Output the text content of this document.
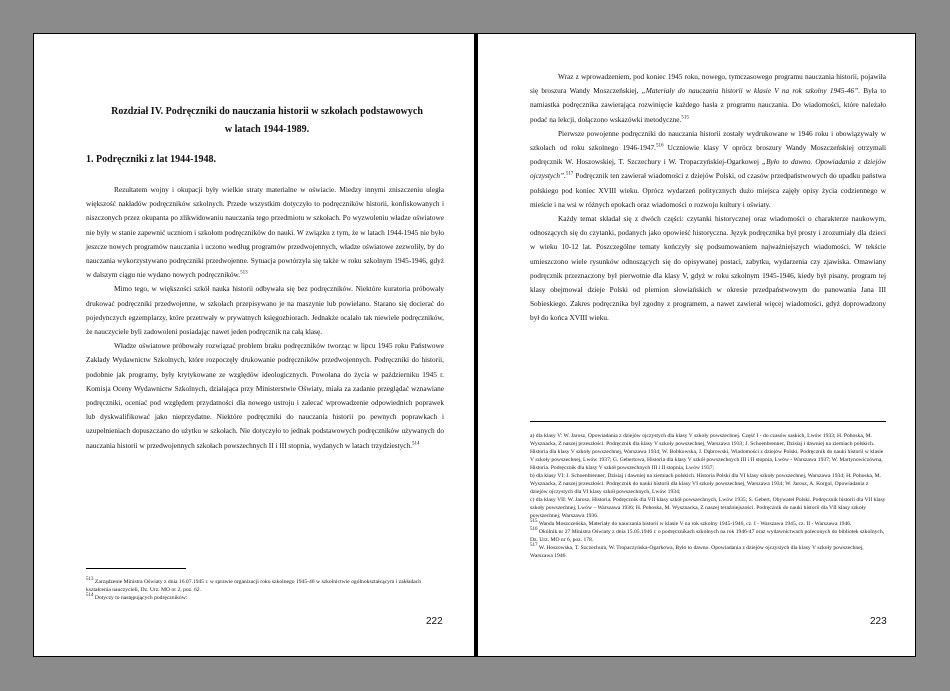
Rozdział IV. Podręczniki do nauczania historii w szkołach podstawowych
w latach 1944-1989.
1. Podręczniki z lat 1944-1948.

Rezultatem wojny i okupacji były wielkie straty materialne w oświacie. Miedzy innymi zniszczeniu uległa większość nakładów podręczników szkolnych. Przede wszystkim dotyczyło to podręczników historii, konfiskowanych i niszczonych przez okupanta po zlikwidowaniu nauczania tego przedmiotu w szkołach. Po wyzwoleniu władze oświatowe nie były w stanie zapewnić uczniom i szkołom podręczników do nauki. W związku z tym, że w latach 1944-1945 nie było jeszcze nowych programów nauczania i uczono według programów przedwojennych, władze oświatowe zezwoliły, by do nauczania wykorzystywano podręczniki przedwojenne. Sytuacja powtórzyła się także w roku szkolnym 1945-1946, gdyż w dalszym ciągu nie wydano nowych podręczników.$^{513}$

Mimo tego, w większości szkół nauka historii odbywała się bez podręczników. Niektóre kuratoria próbowały drukować podręczniki przedwojenne, w szkołach przepisywano je na maszynie lub powielano. Starano się docierać do pojedynczych egzemplarzy, które przetrwały w prywatnych księgozbiorach. Jednakże ocalało tak niewiele podręczników, że nauczyciele byli zadowoleni posiadając nawet jeden podręcznik na całą klasę.

Władze oświatowe próbowały rozwiązać problem braku podręczników tworząc w lipcu 1945 roku Państwowe Zakłady Wydawnictw Szkolnych, które rozpoczęły drukowanie podręczników przedwojennych. Podręczniki do historii, podobnie jak programy, były krytykowane ze względów ideologicznych. Powołana do życia w październiku 1945 r. Komisja Oceny Wydawnictw Szkolnych, działająca przy Ministerstwie Oświaty, miała za zadanie przeglądać wznawiane podręczniki, oceniać pod względem przydatności dla nowego ustroju i zalecać wprowadzenie odpowiednich poprawek lub dyskwalifikować jako nieprzydatne. Niektóre podręczniki do nauczania historii po pewnych poprawkach i uzupełnieniach dopuszczano do użytku w szkołach. Nie dotyczyło to jednak podstawowych podręczników używanych do nauczania historii w przedwojennych szkołach powszechnych II i III stopnia, wydanych w latach trzydziestych.$^{514}$

$^{513}$ Zarządzenie Ministra Oświaty z dnia 16.07.1945 r. w sprawie organizacji roku szkolnego 1945-46 w szkolnictwie ogólnokształcącym i zakładach kształcenia nauczycieli, Dz. Urz. MO nr 2, poz. 62.
$^{514}$ Dotyczy to następujących podręczników:
222

Wraz z wprowadzeniem, pod koniec 1945 roku, nowego, tymczasowego programu nauczania historii, pojawiła się broszura Wandy Moszczeńskiej, „Materiały do nauczania historii w klasie V na rok szkolny 1945-46”. Była to namiastka podręcznika zawierająca rozwinięcie każdego hasła z programu nauczania. Do wiadomości, które należało podać na lekcji, dołączono wskazówki metodyczne.$^{515}$

Pierwsze powojenne podręczniki do nauczania historii zostały wydrukowane w 1946 roku i obowiązywały w szkołach od roku szkolnego 1946-1947.$^{516}$ Uczniowie klasy V oprócz broszury Wandy Moszczeńskiej otrzymali podręcznik W. Hoszowskiej, T. Szczechury i W. Tropaczyńskiej-Ogarkowej „Było to dawno. Opowiadania z dziejów ojczystych”.$^{517}$ Podręcznik ten zawierał wiadomości z dziejów Polski, od czasów przedpaństwowych do upadku państwa polskiego pod koniec XVIII wieku. Oprócz wydarzeń politycznych dużo miejsca zajęły opisy życia codziennego w mieście i na wsi w różnych epokach oraz wiadomości o rozwoju kultury i oświaty.

Każdy temat składał się z dwóch części: czytanki historycznej oraz wiadomości o charakterze naukowym, odnoszących się do czytanki, podanych jako opowieść historyczna. Język podręcznika był prosty i zrozumiały dla dzieci w wieku 10-12 lat. Poszczególne tematy kończyły się podsumowaniem najważniejszych wiadomości. W tekście umieszczono wiele rysunków odnoszących się do opisywanej postaci, zabytku, wydarzenia czy zjawiska. Omawiany podręcznik przeznaczony był pierwotnie dla klasy V, gdyż w roku szkolnym 1945-1946, kiedy był pisany, program tej klasy obejmował dzieje Polski od plemion słowiańskich w okresie przedpaństwowym do panowania Jana III Sobieskiego. Zakres podręcznika był zgodny z programem, a nawet zawierał więcej wiadomości, gdyż doprowadzony był do końca XVIII wieku.

a) dla klasy V: W. Jarosz, Opowiadania z dziejów ojczystych dla klasy V szkoły powszechnej. Część I - do czasów saskich, Lwów 1933; H. Pohoska, M. Wysznacka, Z naszej przeszłości. Podręcznik dla klasy V szkoły powszechnej, Warszawa 1933; J. Schoenbrenner, Dzisiaj i dawniej na ziemiach polskich. Historia dla klasy V szkoły powszechnej, Warszawa 1934; W. Bobkowska, J. Dąbrowski, Wiadomości z dziejów Polski. Podręcznik do nauki historii w klasie V szkoły powszechnej, Lwów 1937; G. Gebertowa, Historia dla klasy V szkół powszechnych III i II stopnia, Lwów - Warszawa 1937; W. Martynowiczówna, Historia. Podręcznik dla klasy V szkół powszechnych III i II stopnia, Lwów 1937;
b) dla klasy VI: J. Schoenbrenner, Dzisiaj i dawniej na ziemiach polskich. Historia Polski dla VI klasy szkoły powszechnej, Warszawa 1934; H. Pohoska, M. Wysznacka, Z naszej przeszłości. Podręcznik do nauki historii dla klasy VI szkoły powszechnej, Warszawa 1934; W. Jarosz, A. Korgol, Opowiadania z dziejów ojczystych dla VI klasy szkół powszechnych, Lwów 1934;
c) dla klasy VII: W. Jarosz, Historia. Podręcznik dla VII klasy szkół powszechnych, Lwów 1935; S. Gebert, Obywatel Polski. Podręcznik historii dla VII klasy szkoły powszechnej, Lwów – Warszawa 1936; H. Pohoska, M. Wysznacka, Z naszej teraźniejszości. Podręcznik do nauki historii dla VII klasy szkoły powszechnej, Warszawa 1936.
$^{515}$ Wanda Moszczeńska, Materiały do nauczania historii w klasie V na rok szkolny 1945-1946, cz. I - Warszawa 1945, cz. II - Warszawa 1946.
$^{516}$ Okólnik nr 27 Ministra Oświaty z dnia 15.05.1946 r. o podręcznikach szkolnych na rok 1946-47 oraz wydawnictwach poleconych do bibliotek szkolnych, Dz. Urz. MO nr 6, poz. 178.
$^{517}$ W. Hoszowska, T. Szczechura, W. Tropaczyńska-Ogarkowa, Było to dawno. Opowiadania z dziejów ojczystych dla klasy V szkoły powszechnej, Warszawa 1946.
223
